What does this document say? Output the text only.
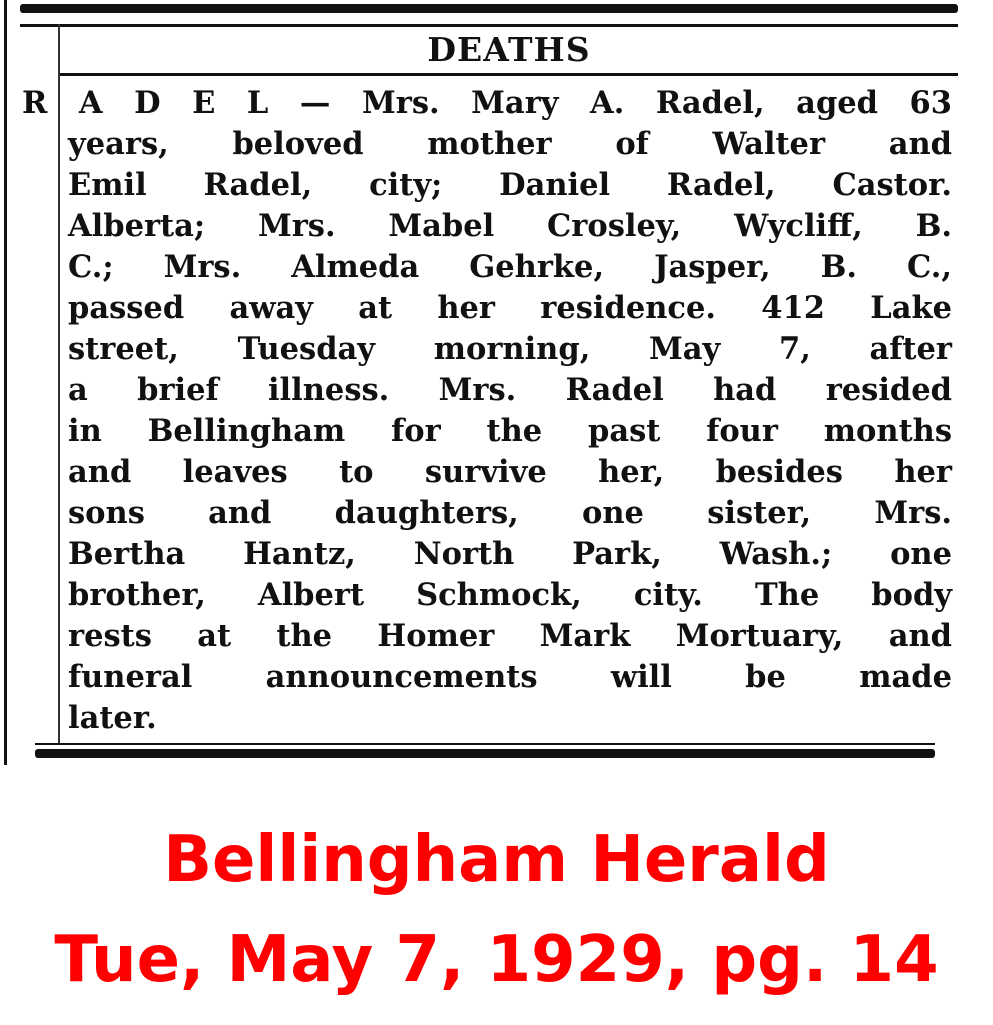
DEATHS
R A D E L — Mrs. Mary A. Radel, aged 63
years, beloved mother of Walter and
Emil Radel, city; Daniel Radel, Castor.
Alberta; Mrs. Mabel Crosley, Wycliff, B.
C.; Mrs. Almeda Gehrke, Jasper, B. C.,
passed away at her residence. 412 Lake
street, Tuesday morning, May 7, after
a brief illness. Mrs. Radel had resided
in Bellingham for the past four months
and leaves to survive her, besides her
sons and daughters, one sister, Mrs.
Bertha Hantz, North Park, Wash.; one
brother, Albert Schmock, city. The body
rests at the Homer Mark Mortuary, and
funeral announcements will be made
later.
Bellingham Herald
Tue, May 7, 1929, pg. 14
